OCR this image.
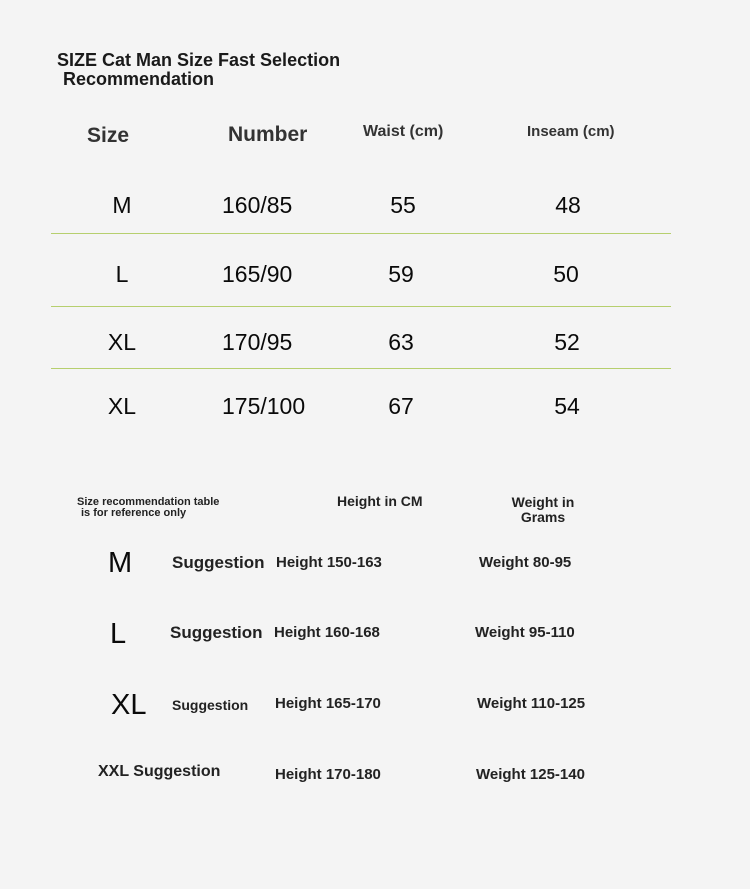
SIZE Cat Man Size Fast Selection
Recommendation
Size	Number	Waist (cm)	Inseam (cm)
M	160/85	55	48
L	165/90	59	50
XL	170/95	63	52
XL	175/100	67	54
Size recommendation table
is for reference only
Height in CM	Weight in
Grams
M Suggestion Height 150-163	Weight 80-95
L	Suggestion Height 160-168	Weight 95-110
XL Suggestion Height 165-170	Weight 110-125
XXL Suggestion	Height 170-180	Weight 125-140
